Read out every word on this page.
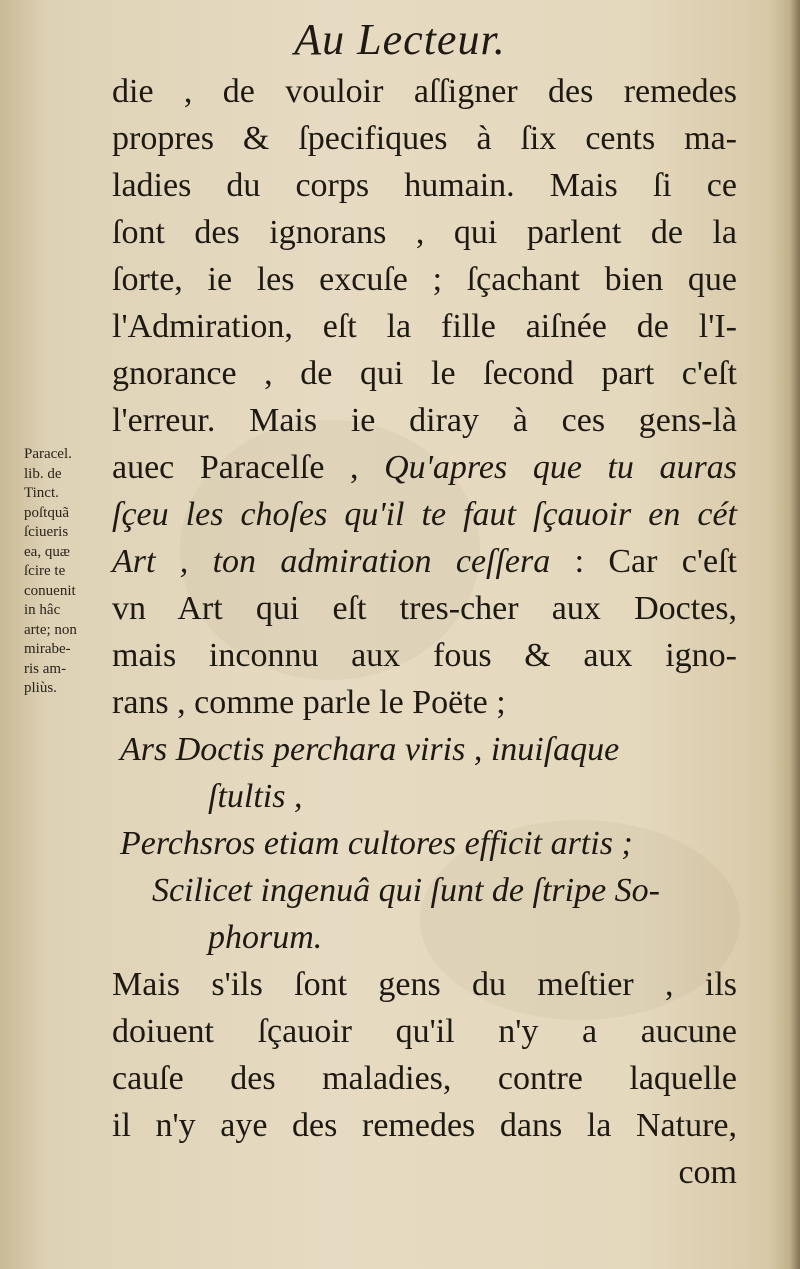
Au Lecteur.
Paracel.
lib. de
Tinct.
poſtquã
ſciueris
ea, quæ
ſcire te
conuenit
in hâc
arte; non
mirabe-
ris am-
pliùs.
die , de vouloir aſſigner des remedes
propres & ſpecifiques à ſix cents ma-
ladies du corps humain. Mais ſi ce
ſont des ignorans , qui parlent de la
ſorte, ie les excuſe ; ſçachant bien que
l'Admiration, eſt la fille aiſnée de l'I-
gnorance , de qui le ſecond part c'eſt
l'erreur. Mais ie diray à ces gens-là
auec Paracelſe , Qu'apres que tu auras
ſçeu les choſes qu'il te faut ſçauoir en cét
Art , ton admiration ceſſera : Car c'eſt
vn Art qui eſt tres-cher aux Doctes,
mais inconnu aux fous & aux igno-
rans , comme parle le Poëte ;
Ars Doctis perchara viris , inuiſaque
ſtultis ,
Perchsros etiam cultores efficit artis ;
Scilicet ingenuâ qui ſunt de ſtripe So-
phorum.
Mais s'ils ſont gens du meſtier , ils
doiuent ſçauoir qu'il n'y a aucune
cauſe des maladies, contre laquelle
il n'y aye des remedes dans la Nature,
com
